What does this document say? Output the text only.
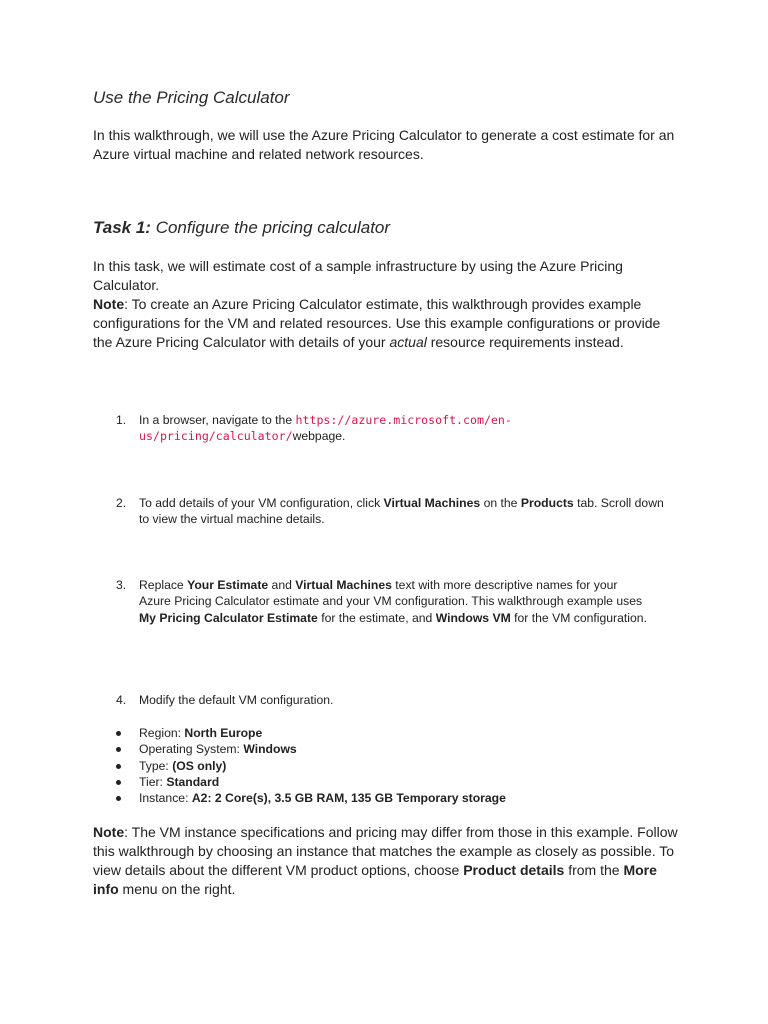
Use the Pricing Calculator
In this walkthrough, we will use the Azure Pricing Calculator to generate a cost estimate for an Azure virtual machine and related network resources.
Task 1: Configure the pricing calculator
In this task, we will estimate cost of a sample infrastructure by using the Azure Pricing Calculator.
Note: To create an Azure Pricing Calculator estimate, this walkthrough provides example configurations for the VM and related resources. Use this example configurations or provide the Azure Pricing Calculator with details of your actual resource requirements instead.
1. In a browser, navigate to the https://azure.microsoft.com/en-us/pricing/calculator/webpage.
2. To add details of your VM configuration, click Virtual Machines on the Products tab. Scroll down to view the virtual machine details.
3. Replace Your Estimate and Virtual Machines text with more descriptive names for your Azure Pricing Calculator estimate and your VM configuration. This walkthrough example uses My Pricing Calculator Estimate for the estimate, and Windows VM for the VM configuration.
4. Modify the default VM configuration.
Region: North Europe
Operating System: Windows
Type: (OS only)
Tier: Standard
Instance: A2: 2 Core(s), 3.5 GB RAM, 135 GB Temporary storage
Note: The VM instance specifications and pricing may differ from those in this example. Follow this walkthrough by choosing an instance that matches the example as closely as possible. To view details about the different VM product options, choose Product details from the More info menu on the right.
